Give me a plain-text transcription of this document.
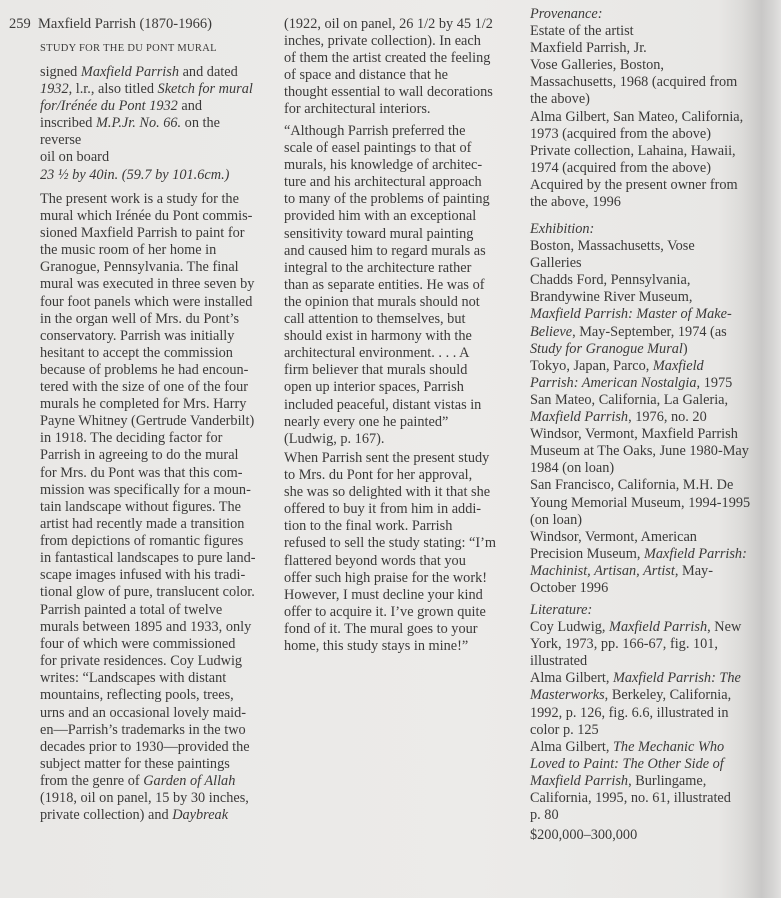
259 Maxfield Parrish (1870-1966)
STUDY FOR THE DU PONT MURAL
signed Maxfield Parrish and dated
1932, l.r., also titled Sketch for mural
for/Irénée du Pont 1932 and
inscribed M.P.Jr. No. 66. on the
reverse
oil on board
23 ½ by 40in. (59.7 by 101.6cm.)
The present work is a study for the
mural which Irénée du Pont commis-
sioned Maxfield Parrish to paint for
the music room of her home in
Granogue, Pennsylvania. The final
mural was executed in three seven by
four foot panels which were installed
in the organ well of Mrs. du Pont’s
conservatory. Parrish was initially
hesitant to accept the commission
because of problems he had encoun-
tered with the size of one of the four
murals he completed for Mrs. Harry
Payne Whitney (Gertrude Vanderbilt)
in 1918. The deciding factor for
Parrish in agreeing to do the mural
for Mrs. du Pont was that this com-
mission was specifically for a moun-
tain landscape without figures. The
artist had recently made a transition
from depictions of romantic figures
in fantastical landscapes to pure land-
scape images infused with his tradi-
tional glow of pure, translucent color.
Parrish painted a total of twelve
murals between 1895 and 1933, only
four of which were commissioned
for private residences. Coy Ludwig
writes: “Landscapes with distant
mountains, reflecting pools, trees,
urns and an occasional lovely maid-
en—Parrish’s trademarks in the two
decades prior to 1930—provided the
subject matter for these paintings
from the genre of Garden of Allah
(1918, oil on panel, 15 by 30 inches,
private collection) and Daybreak
(1922, oil on panel, 26 1/2 by 45 1/2
inches, private collection). In each
of them the artist created the feeling
of space and distance that he
thought essential to wall decorations
for architectural interiors.
“Although Parrish preferred the
scale of easel paintings to that of
murals, his knowledge of architec-
ture and his architectural approach
to many of the problems of painting
provided him with an exceptional
sensitivity toward mural painting
and caused him to regard murals as
integral to the architecture rather
than as separate entities. He was of
the opinion that murals should not
call attention to themselves, but
should exist in harmony with the
architectural environment. . . . A
firm believer that murals should
open up interior spaces, Parrish
included peaceful, distant vistas in
nearly every one he painted”
(Ludwig, p. 167).
When Parrish sent the present study
to Mrs. du Pont for her approval,
she was so delighted with it that she
offered to buy it from him in addi-
tion to the final work. Parrish
refused to sell the study stating: “I’m
flattered beyond words that you
offer such high praise for the work!
However, I must decline your kind
offer to acquire it. I’ve grown quite
fond of it. The mural goes to your
home, this study stays in mine!”
Provenance:
Estate of the artist
Maxfield Parrish, Jr.
Vose Galleries, Boston,
Massachusetts, 1968 (acquired from
the above)
Alma Gilbert, San Mateo, California,
1973 (acquired from the above)
Private collection, Lahaina, Hawaii,
1974 (acquired from the above)
Acquired by the present owner from
the above, 1996
Exhibition:
Boston, Massachusetts, Vose
Galleries
Chadds Ford, Pennsylvania,
Brandywine River Museum,
Maxfield Parrish: Master of Make-
Believe, May-September, 1974 (as
Study for Granogue Mural)
Tokyo, Japan, Parco, Maxfield
Parrish: American Nostalgia, 1975
San Mateo, California, La Galeria,
Maxfield Parrish, 1976, no. 20
Windsor, Vermont, Maxfield Parrish
Museum at The Oaks, June 1980-May
1984 (on loan)
San Francisco, California, M.H. De
Young Memorial Museum, 1994-1995
(on loan)
Windsor, Vermont, American
Precision Museum, Maxfield Parrish:
Machinist, Artisan, Artist, May-
October 1996
Literature:
Coy Ludwig, Maxfield Parrish, New
York, 1973, pp. 166-67, fig. 101,
illustrated
Alma Gilbert, Maxfield Parrish: The
Masterworks, Berkeley, California,
1992, p. 126, fig. 6.6, illustrated in
color p. 125
Alma Gilbert, The Mechanic Who
Loved to Paint: The Other Side of
Maxfield Parrish, Burlingame,
California, 1995, no. 61, illustrated
p. 80
$200,000–300,000
